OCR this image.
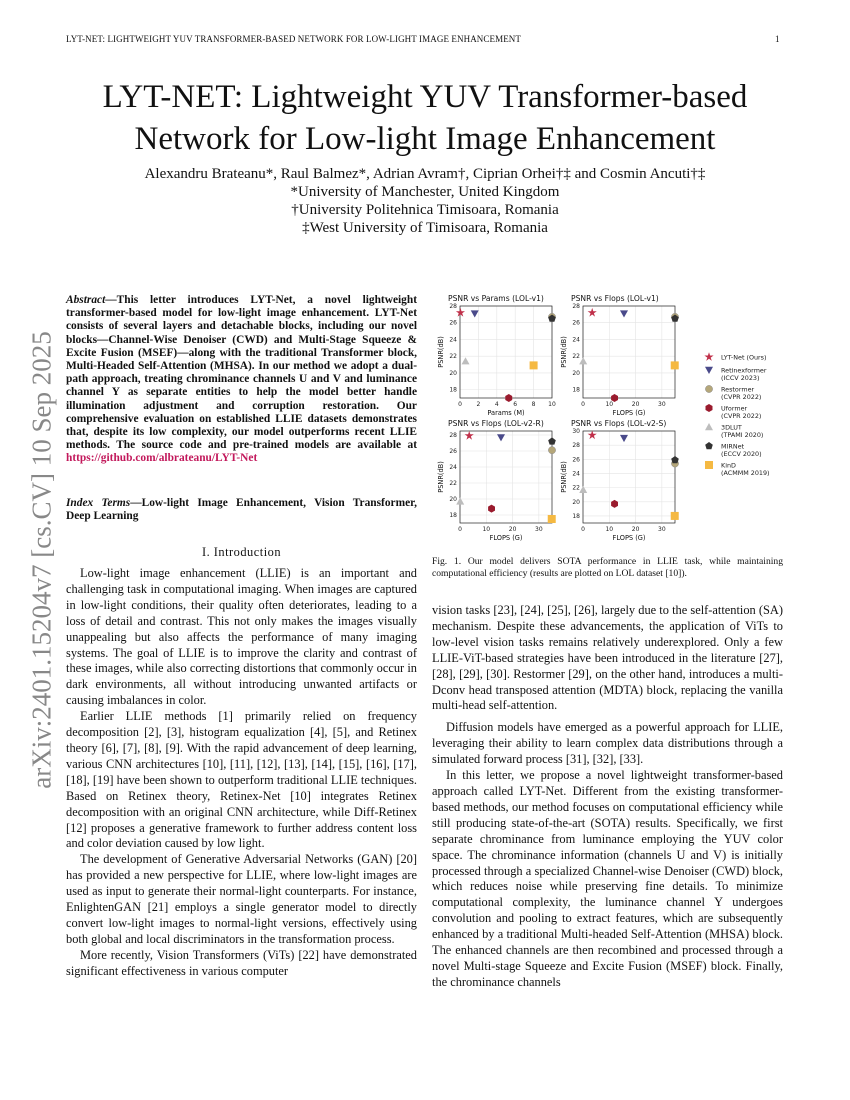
LYT-NET: LIGHTWEIGHT YUV TRANSFORMER-BASED NETWORK FOR LOW-LIGHT IMAGE ENHANCEMENT	1
LYT-NET: Lightweight YUV Transformer-based
Network for Low-light Image Enhancement
Alexandru Brateanu*, Raul Balmez*, Adrian Avram†, Ciprian Orhei†‡ and Cosmin Ancuti†‡
*University of Manchester, United Kingdom
†University Politehnica Timisoara, Romania
‡West University of Timisoara, Romania
arXiv:2401.15204v7 [cs.CV] 10 Sep 2025
Abstract—This letter introduces LYT-Net, a novel lightweight transformer-based model for low-light image enhancement. LYT-Net consists of several layers and detachable blocks, including our novel blocks—Channel-Wise Denoiser (CWD) and Multi-Stage Squeeze & Excite Fusion (MSEF)—along with the traditional Transformer block, Multi-Headed Self-Attention (MHSA). In our method we adopt a dual-path approach, treating chrominance channels U and V and luminance channel Y as separate entities to help the model better handle illumination adjustment and corruption restoration. Our comprehensive evaluation on established LLIE datasets demonstrates that, despite its low complexity, our model outperforms recent LLIE methods. The source code and pre-trained models are available at https://github.com/albrateanu/LYT-Net
Index Terms—Low-light Image Enhancement, Vision Transformer, Deep Learning
I. Introduction

Low-light image enhancement (LLIE) is an important and challenging task in computational imaging. When images are captured in low-light conditions, their quality often deteriorates, leading to a loss of detail and contrast. This not only makes the images visually unappealing but also affects the performance of many imaging systems. The goal of LLIE is to improve the clarity and contrast of these images, while also correcting distortions that commonly occur in dark environments, all without introducing unwanted artifacts or causing imbalances in color.

Earlier LLIE methods [1] primarily relied on frequency decomposition [2], [3], histogram equalization [4], [5], and Retinex theory [6], [7], [8], [9]. With the rapid advancement of deep learning, various CNN architectures [10], [11], [12], [13], [14], [15], [16], [17], [18], [19] have been shown to outperform traditional LLIE techniques. Based on Retinex theory, Retinex-Net [10] integrates Retinex decomposition with an original CNN architecture, while Diff-Retinex [12] proposes a generative framework to further address content loss and color deviation caused by low light.

The development of Generative Adversarial Networks (GAN) [20] has provided a new perspective for LLIE, where low-light images are used as input to generate their normal-light counterparts. For instance, EnlightenGAN [21] employs a single generator model to directly convert low-light images to normal-light versions, effectively using both global and local discriminators in the transformation process.

More recently, Vision Transformers (ViTs) [22] have demonstrated significant effectiveness in various computer

0 2 4 6 8 10
18
20
22
24
26
28
PSNR vs Params (LOL-v1)
Params (M)
PSNR(dB)
0	10	20	30
18
20
22
24
26
28
PSNR vs Flops (LOL-v1)
FLOPS (G)
PSNR(dB)
0	10	20	30
18
20
22
24
26
28
PSNR vs Flops (LOL-v2-R)
FLOPS (G)
PSNR(dB)
0	10	20	30
18
20
22
24
26
28
30
PSNR vs Flops (LOL-v2-S)
FLOPS (G)
PSNR(dB)
LYT-Net (Ours)
Retinexformer
(ICCV 2023)
Restormer
(CVPR 2022)
Uformer
(CVPR 2022)
3DLUT
(TPAMI 2020)
MIRNet
(ECCV 2020)
KinD
(ACMMM 2019)
Fig. 1. Our model delivers SOTA performance in LLIE task, while maintaining computational efficiency (results are plotted on LOL dataset [10]).

vision tasks [23], [24], [25], [26], largely due to the self-attention (SA) mechanism. Despite these advancements, the application of ViTs to low-level vision tasks remains relatively underexplored. Only a few LLIE-ViT-based strategies have been introduced in the literature [27], [28], [29], [30]. Restormer [29], on the other hand, introduces a multi-Dconv head transposed attention (MDTA) block, replacing the vanilla multi-head self-attention.

Diffusion models have emerged as a powerful approach for LLIE, leveraging their ability to learn complex data distributions through a simulated forward process [31], [32], [33].

In this letter, we propose a novel lightweight transformer-based approach called LYT-Net. Different from the existing transformer-based methods, our method focuses on computational efficiency while still producing state-of-the-art (SOTA) results. Specifically, we first separate chrominance from luminance employing the YUV color space. The chrominance information (channels U and V) is initially processed through a specialized Channel-wise Denoiser (CWD) block, which reduces noise while preserving fine details. To minimize computational complexity, the luminance channel Y undergoes convolution and pooling to extract features, which are subsequently enhanced by a traditional Multi-headed Self-Attention (MHSA) block. The enhanced channels are then recombined and processed through a novel Multi-stage Squeeze and Excite Fusion (MSEF) block. Finally, the chrominance channels
